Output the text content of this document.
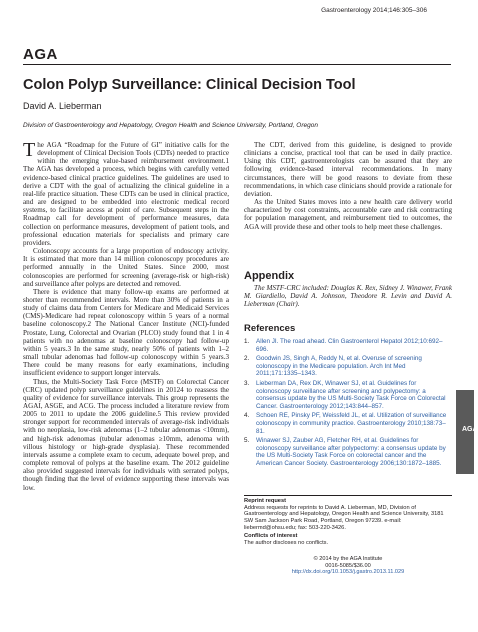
Gastroenterology 2014;146:305–306
AGA
Colon Polyp Surveillance: Clinical Decision Tool
David A. Lieberman
Division of Gastroenterology and Hepatology, Oregon Health and Science University, Portland, Oregon

The AGA “Roadmap for the Future of GI” initiative calls for the development of Clinical Decision Tools (CDTs) needed to practice within the emerging value-based reimbursement environment.1 The AGA has developed a process, which begins with carefully vetted evidence-based clinical practice guidelines. The guidelines are used to derive a CDT with the goal of actualizing the clinical guideline in a real-life practice situation. These CDTs can be used in clinical practice, and are designed to be embedded into electronic medical record systems, to facilitate access at point of care. Subsequent steps in the Roadmap call for development of performance measures, data collection on performance measures, development of patient tools, and professional education materials for specialists and primary care providers.

Colonoscopy accounts for a large proportion of endoscopy activity. It is estimated that more than 14 million colonoscopy procedures are performed annually in the United States. Since 2000, most colonoscopies are performed for screening (average-risk or high-risk) and surveillance after polyps are detected and removed.

There is evidence that many follow-up exams are performed at shorter than recommended intervals. More than 30% of patients in a study of claims data from Centers for Medicare and Medicaid Services (CMS)-Medicare had repeat colonoscopy within 5 years of a normal baseline colonoscopy.2 The National Cancer Institute (NCI)-funded Prostate, Lung, Colorectal and Ovarian (PLCO) study found that 1 in 4 patients with no adenomas at baseline colonoscopy had follow-up within 5 years.3 In the same study, nearly 50% of patients with 1–2 small tubular adenomas had follow-up colonoscopy within 5 years.3 There could be many reasons for early examinations, including insufficient evidence to support longer intervals.

Thus, the Multi-Society Task Force (MSTF) on Colorectal Cancer (CRC) updated polyp surveillance guidelines in 20124 to reassess the quality of evidence for surveillance intervals. This group represents the AGAI, ASGE, and ACG. The process included a literature review from 2005 to 2011 to update the 2006 guideline.5 This review provided stronger support for recommended intervals of average-risk individuals with no neoplasia, low-risk adenomas (1–2 tubular adenomas <10mm), and high-risk adenomas (tubular adenomas ≥10mm, adenoma with villous histology or high-grade dysplasia). These recommended intervals assume a complete exam to cecum, adequate bowel prep, and complete removal of polyps at the baseline exam. The 2012 guideline also provided suggested intervals for individuals with serrated polyps, though finding that the level of evidence supporting these intervals was low.

The CDT, derived from this guideline, is designed to provide clinicians a concise, practical tool that can be used in daily practice. Using this CDT, gastroenterologists can be assured that they are following evidence-based interval recommendations. In many circumstances, there will be good reasons to deviate from these recommendations, in which case clinicians should provide a rationale for deviation.

As the United States moves into a new health care delivery world characterized by cost constraints, accountable care and risk contracting for population management, and reimbursement tied to outcomes, the AGA will provide these and other tools to help meet these challenges.

Appendix
The MSTF-CRC included: Douglas K. Rex, Sidney J. Winawer, Frank M. Giardiello, David A. Johnson, Theodore R. Levin and David A. Lieberman (Chair).
References
1. Allen JI. The road ahead. Clin Gastroenterol Hepatol 2012;10:692–696.
2. Goodwin JS, Singh A, Reddy N, et al. Overuse of screening colonoscopy in the Medicare population. Arch Int Med 2011;171:1335–1343.
3. Lieberman DA, Rex DK, Winawer SJ, et al. Guidelines for colonoscopy surveillance after screening and polypectomy: a consensus update by the US Multi-Society Task Force on Colorectal Cancer. Gastroenterology 2012;143:844–857.
4. Schoen RE, Pinsky PF, Weissfeld JL, et al. Utilization of surveillance colonoscopy in community practice. Gastroenterology 2010;138:73–81.
5. Winawer SJ, Zauber AG, Fletcher RH, et al. Guidelines for colonoscopy surveillance after polypectomy: a consensus update by the US Multi-Society Task Force on colorectal cancer and the American Cancer Society. Gastroenterology 2006;130:1872–1885.
AGA
Reprint request
Address requests for reprints to David A. Lieberman, MD, Division of Gastroenterology and Hepatology, Oregon Health and Science University, 3181 SW Sam Jackson Park Road, Portland, Oregon 97239. e-mail: liebermd@ohsu.edu; fax: 503-220-3426.
Conflicts of interest
The author discloses no conflicts.
© 2014 by the AGA Institute
0016-5085/$36.00
http://dx.doi.org/10.1053/j.gastro.2013.11.029
